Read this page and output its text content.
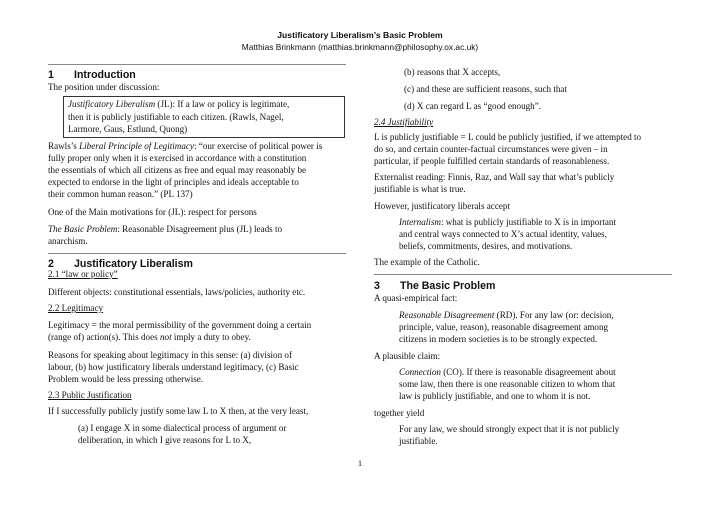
Justificatory Liberalism’s Basic Problem
Matthias Brinkmann (matthias.brinkmann@philosophy.ox.ac.uk)
1 Introduction

The position under discussion:

Justificatory Liberalism (JL): If a law or policy is legitimate,

then it is publicly justifiable to each citizen. (Rawls, Nagel,

Larmore, Gaus, Estlund, Quong)

Rawls’s Liberal Principle of Legitimacy: “our exercise of political power is

fully proper only when it is exercised in accordance with a constitution

the essentials of which all citizens as free and equal may reasonably be

expected to endorse in the light of principles and ideals acceptable to

their common human reason.” (PL 137)

One of the Main motivations for (JL): respect for persons

The Basic Problem: Reasonable Disagreement plus (JL) leads to

anarchism.

2 Justificatory Liberalism

2.1 “law or policy”

Different objects: constitutional essentials, laws/policies, authority etc.

2.2 Legitimacy

Legitimacy = the moral permissibility of the government doing a certain

(range of) action(s). This does not imply a duty to obey.

Reasons for speaking about legitimacy in this sense: (a) division of

labour, (b) how justificatory liberals understand legitimacy, (c) Basic

Problem would be less pressing otherwise.

2.3 Public Justification

If I successfully publicly justify some law L to X then, at the very least,

(a) I engage X in some dialectical process of argument or

deliberation, in which I give reasons for L to X,

(b) reasons that X accepts,

(c) and these are sufficient reasons, such that

(d) X can regard L as “good enough”.

2.4 Justifiability

L is publicly justifiable = L could be publicly justified, if we attempted to

do so, and certain counter-factual circumstances were given – in

particular, if people fulfilled certain standards of reasonableness.

Externalist reading: Finnis, Raz, and Wall say that what’s publicly

justifiable is what is true.

However, justificatory liberals accept

Internalism: what is publicly justifiable to X is in important

and central ways connected to X’s actual identity, values,

beliefs, commitments, desires, and motivations.

The example of the Catholic.

3 The Basic Problem

A quasi-empirical fact:

Reasonable Disagreement (RD). For any law (or: decision,

principle, value, reason), reasonable disagreement among

citizens in modern societies is to be strongly expected.

A plausible claim:

Connection (CO). If there is reasonable disagreement about

some law, then there is one reasonable citizen to whom that

law is publicly justifiable, and one to whom it is not.

together yield

For any law, we should strongly expect that it is not publicly

justifiable.

1
